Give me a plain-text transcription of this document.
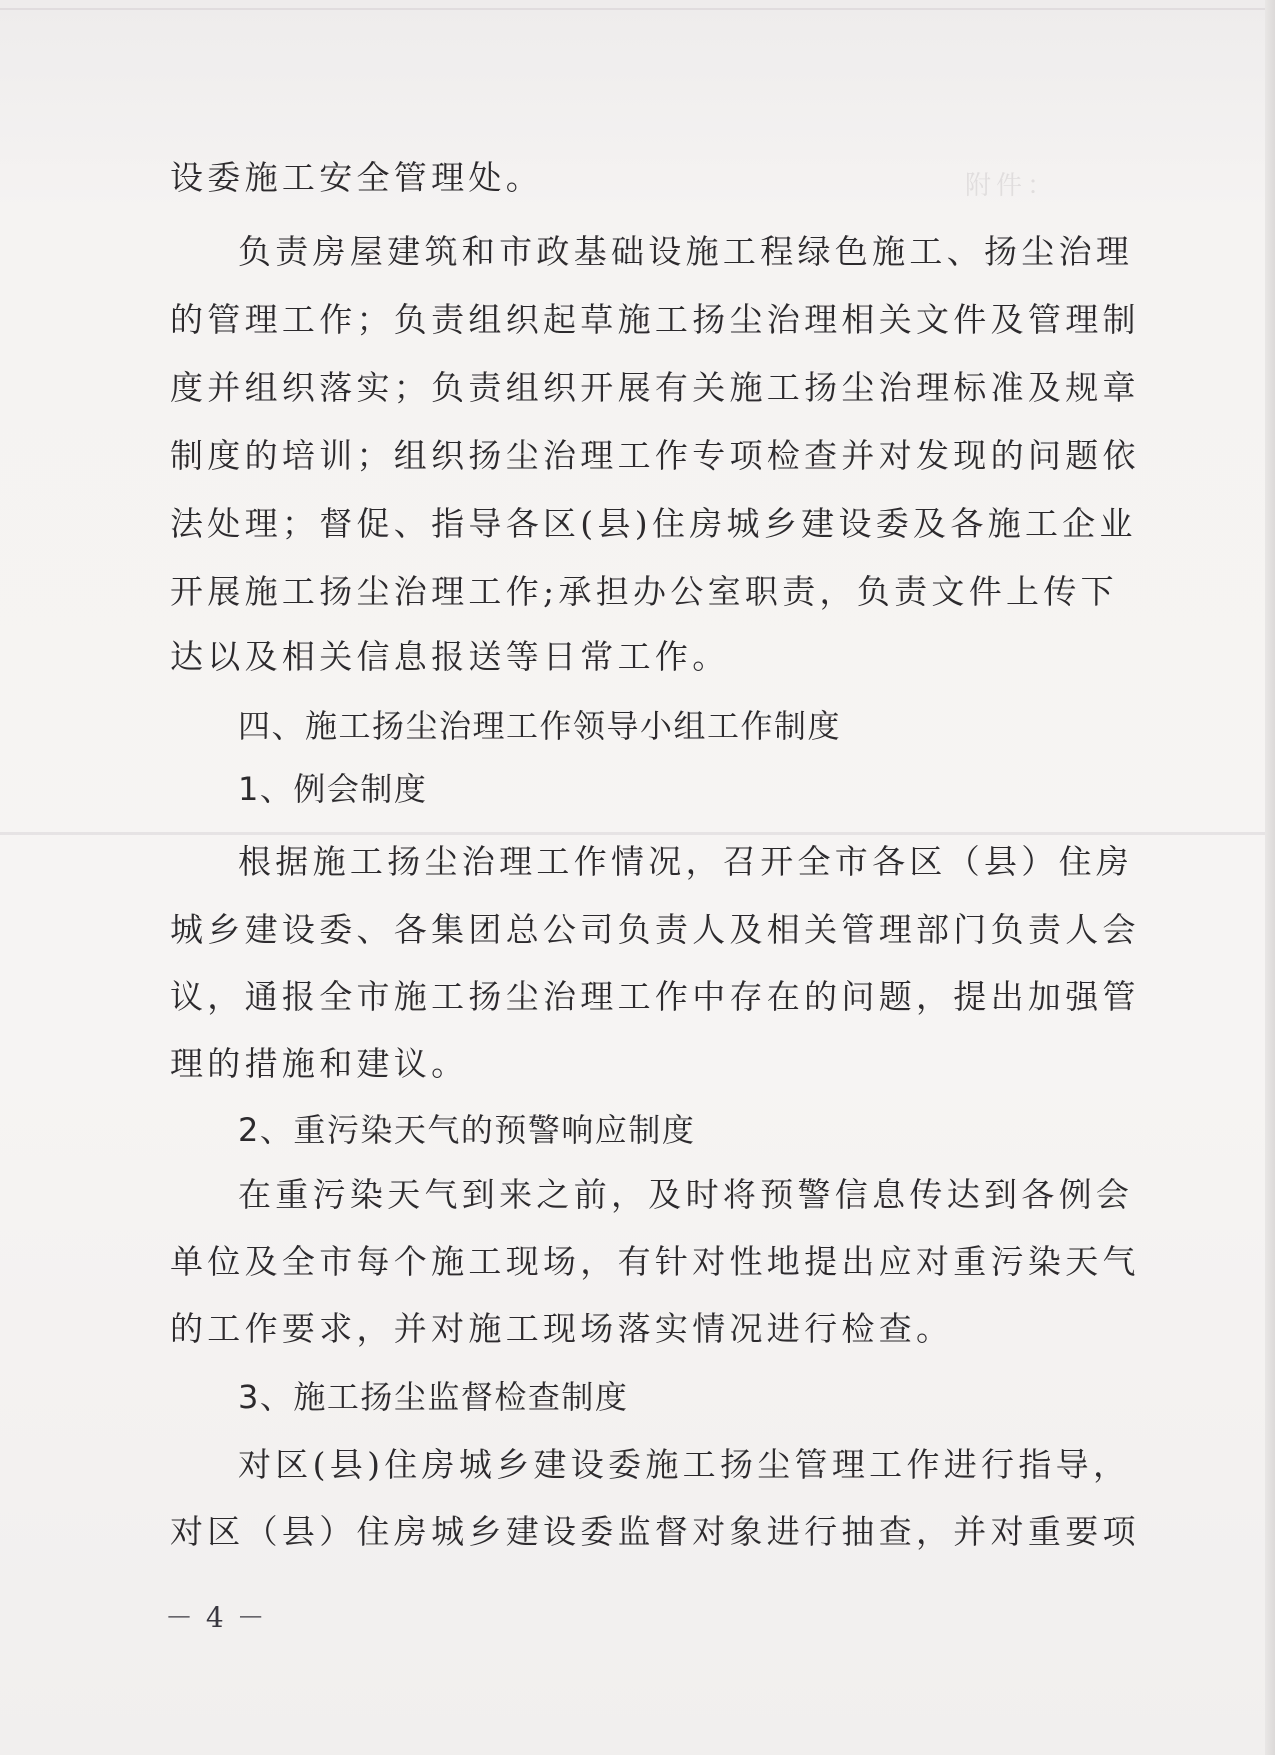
附件：
设委施工安全管理处。
负责房屋建筑和市政基础设施工程绿色施工、扬尘治理
的管理工作；负责组织起草施工扬尘治理相关文件及管理制
度并组织落实；负责组织开展有关施工扬尘治理标准及规章
制度的培训；组织扬尘治理工作专项检查并对发现的问题依
法处理；督促、指导各区(县)住房城乡建设委及各施工企业
开展施工扬尘治理工作;承担办公室职责，负责文件上传下
达以及相关信息报送等日常工作。
四、施工扬尘治理工作领导小组工作制度
1、例会制度
根据施工扬尘治理工作情况，召开全市各区（县）住房
城乡建设委、各集团总公司负责人及相关管理部门负责人会
议，通报全市施工扬尘治理工作中存在的问题，提出加强管
理的措施和建议。
2、重污染天气的预警响应制度
在重污染天气到来之前，及时将预警信息传达到各例会
单位及全市每个施工现场，有针对性地提出应对重污染天气
的工作要求，并对施工现场落实情况进行检查。
3、施工扬尘监督检查制度
对区(县)住房城乡建设委施工扬尘管理工作进行指导，
对区（县）住房城乡建设委监督对象进行抽查，并对重要项
－ 4 －
